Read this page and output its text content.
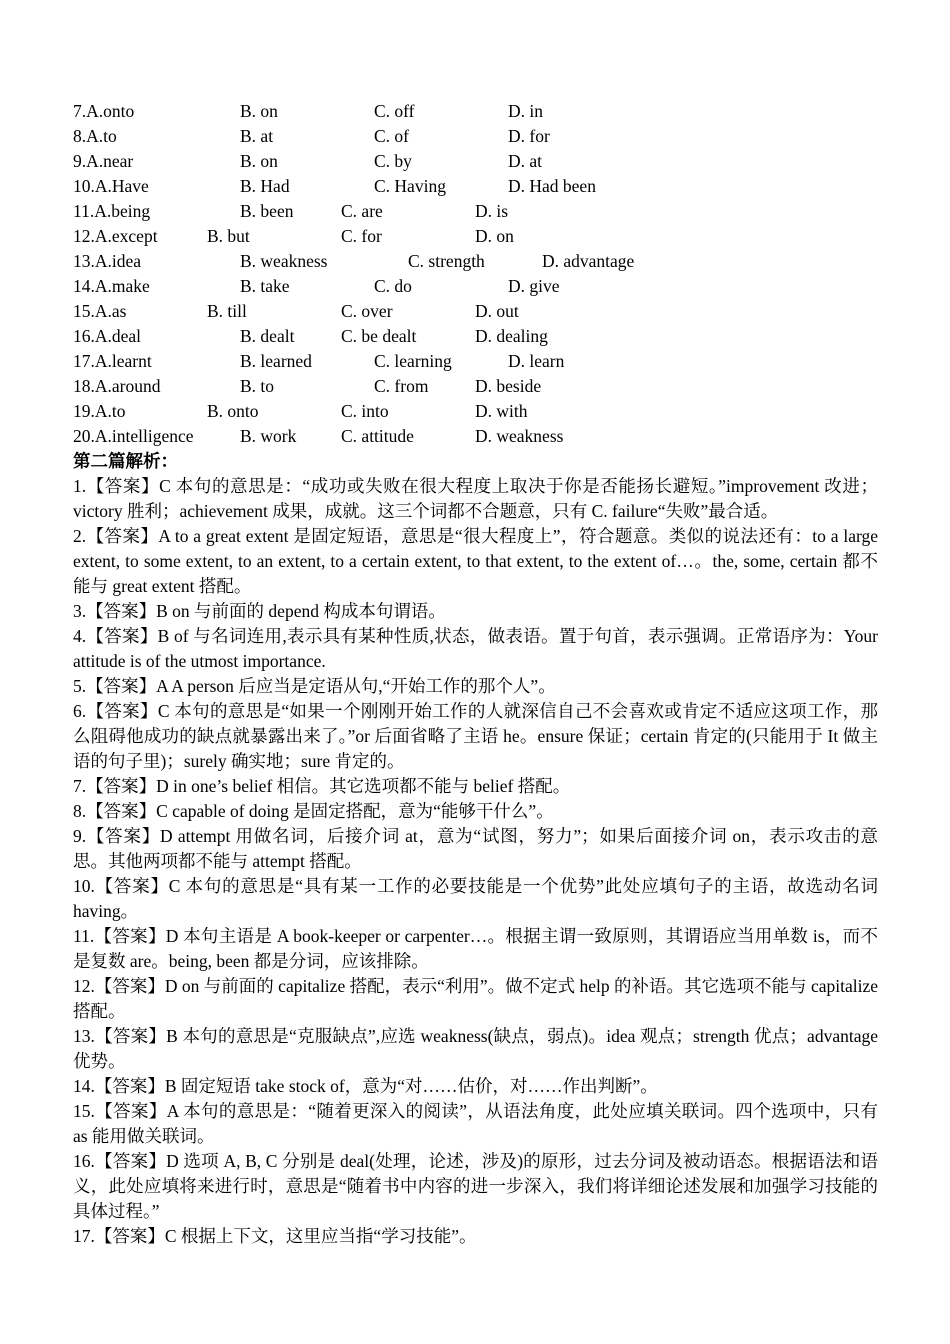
7.A.onto	B. on	C. off	D. in
8.A.to	B. at	C. of	D. for
9.A.near	B. on	C. by	D. at
10.A.Have	B. Had	C. Having	D. Had been
11.A.being	B. been	C. are	D. is
12.A.except	B. but	C. for	D. on
13.A.idea	B. weakness	C. strength	D. advantage
14.A.make	B. take	C. do	D. give
15.A.as	B. till	C. over	D. out
16.A.deal	B. dealt	C. be dealt	D. dealing
17.A.learnt	B. learned	C. learning	D. learn
18.A.around	B. to	C. from	D. beside
19.A.to	B. onto	C. into	D. with
20.A.intelligence	B. work	C. attitude	D. weakness

第二篇解析：

1.【答案】C 本句的意思是：“成功或失败在很大程度上取决于你是否能扬长避短。”improvement 改进；victory 胜利；achievement 成果，成就。这三个词都不合题意，只有 C. failure“失败”最合适。

2.【答案】A to a great extent 是固定短语，意思是“很大程度上”，符合题意。类似的说法还有：to a large extent, to some extent, to an extent, to a certain extent, to that extent, to the extent of…。the, some, certain 都不能与 great extent 搭配。

3.【答案】B on 与前面的 depend 构成本句谓语。

4.【答案】B of 与名词连用,表示具有某种性质,状态，做表语。置于句首，表示强调。正常语序为：Your attitude is of the utmost importance.

5.【答案】A A person 后应当是定语从句,“开始工作的那个人”。

6.【答案】C 本句的意思是“如果一个刚刚开始工作的人就深信自己不会喜欢或肯定不适应这项工作，那么阻碍他成功的缺点就暴露出来了。”or 后面省略了主语 he。ensure 保证；certain 肯定的(只能用于 It 做主语的句子里)；surely 确实地；sure 肯定的。

7.【答案】D in one’s belief 相信。其它选项都不能与 belief 搭配。

8.【答案】C capable of doing 是固定搭配，意为“能够干什么”。

9.【答案】D attempt 用做名词，后接介词 at，意为“试图，努力”；如果后面接介词 on，表示攻击的意思。其他两项都不能与 attempt 搭配。

10.【答案】C 本句的意思是“具有某一工作的必要技能是一个优势”此处应填句子的主语，故选动名词 having。

11.【答案】D 本句主语是 A book-keeper or carpenter…。根据主谓一致原则，其谓语应当用单数 is，而不是复数 are。being, been 都是分词，应该排除。

12.【答案】D on 与前面的 capitalize 搭配，表示“利用”。做不定式 help 的补语。其它选项不能与 capitalize 搭配。

13.【答案】B 本句的意思是“克服缺点”,应选 weakness(缺点，弱点)。idea 观点；strength 优点；advantage 优势。

14.【答案】B 固定短语 take stock of，意为“对……估价，对……作出判断”。

15.【答案】A 本句的意思是：“随着更深入的阅读”，从语法角度，此处应填关联词。四个选项中，只有 as 能用做关联词。

16.【答案】D 选项 A, B, C 分别是 deal(处理，论述，涉及)的原形，过去分词及被动语态。根据语法和语义，此处应填将来进行时，意思是“随着书中内容的进一步深入，我们将详细论述发展和加强学习技能的具体过程。”

17.【答案】C 根据上下文，这里应当指“学习技能”。
